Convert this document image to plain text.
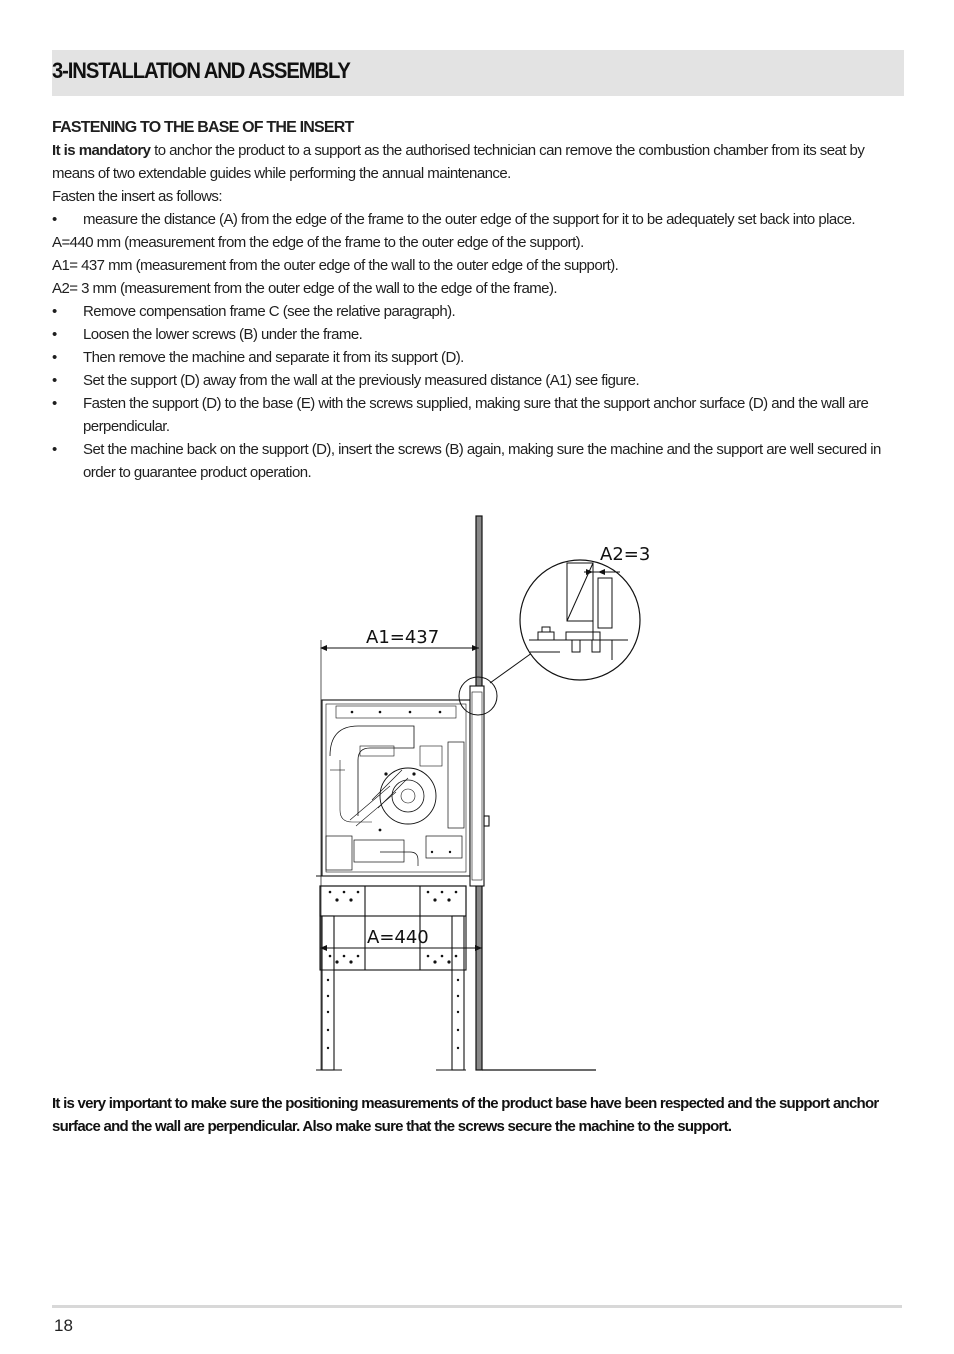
3-INSTALLATION AND ASSEMBLY
FASTENING TO THE BASE OF THE INSERT
It is mandatory to anchor the product to a support as the authorised technician can remove the combustion chamber from its seat by means of two extendable guides while performing the annual maintenance.
Fasten the insert as follows:
• measure the distance (A) from the edge of the frame to the outer edge of the support for it to be adequately set back into place.
A=440 mm (measurement from the edge of the frame to the outer edge of the support).
A1= 437 mm (measurement from the outer edge of the wall to the outer edge of the support).
A2= 3 mm (measurement from the outer edge of the wall to the edge of the frame).
• Remove compensation frame C (see the relative paragraph).
• Loosen the lower screws (B) under the frame.
• Then remove the machine and separate it from its support (D).
• Set the support (D) away from the wall at the previously measured distance (A1) see figure.
• Fasten the support (D) to the base (E) with the screws supplied, making sure that the support anchor surface (D) and the wall are perpendicular.
• Set the machine back on the support (D), insert the screws (B) again, making sure the machine and the support are well secured in order to guarantee product operation.
A1=437
A=440
A2=3
It is very important to make sure the positioning measurements of the product base have been respected and the support anchor surface and the wall are perpendicular. Also make sure that the screws secure the machine to the support.
18
